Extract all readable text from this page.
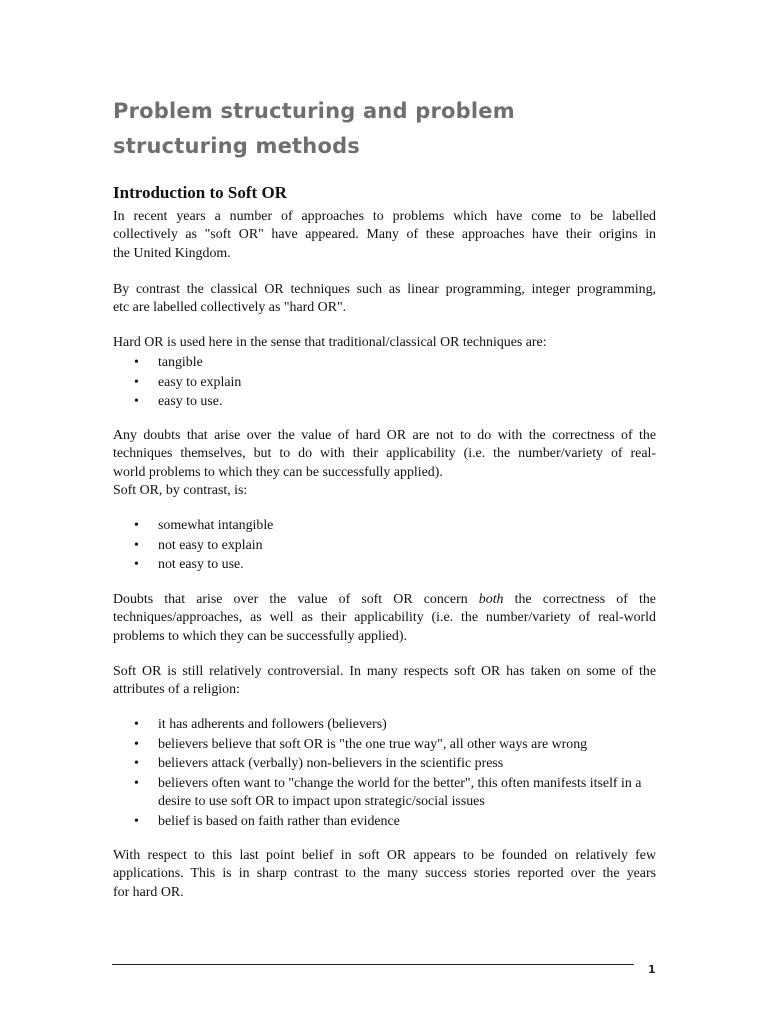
Problem structuring and problem
structuring methods
Introduction to Soft OR

In recent years a number of approaches to problems which have come to be labelled
collectively as "soft OR" have appeared. Many of these approaches have their origins in
the United Kingdom.

By contrast the classical OR techniques such as linear programming, integer programming,
etc are labelled collectively as "hard OR".

Hard OR is used here in the sense that traditional/classical OR techniques are:

• tangible
• easy to explain
• easy to use.

Any doubts that arise over the value of hard OR are not to do with the correctness of the
techniques themselves, but to do with their applicability (i.e. the number/variety of real-
world problems to which they can be successfully applied).
Soft OR, by contrast, is:

• somewhat intangible
• not easy to explain
• not easy to use.

Doubts that arise over the value of soft OR concern both the correctness of the
techniques/approaches, as well as their applicability (i.e. the number/variety of real-world
problems to which they can be successfully applied).

Soft OR is still relatively controversial. In many respects soft OR has taken on some of the
attributes of a religion:

• it has adherents and followers (believers)
• believers believe that soft OR is "the one true way", all other ways are wrong
• believers attack (verbally) non-believers in the scientific press
• believers often want to "change the world for the better", this often manifests itself in a desire to use soft OR to impact upon strategic/social issues
• belief is based on faith rather than evidence

With respect to this last point belief in soft OR appears to be founded on relatively few
applications. This is in sharp contrast to the many success stories reported over the years
for hard OR.

1
